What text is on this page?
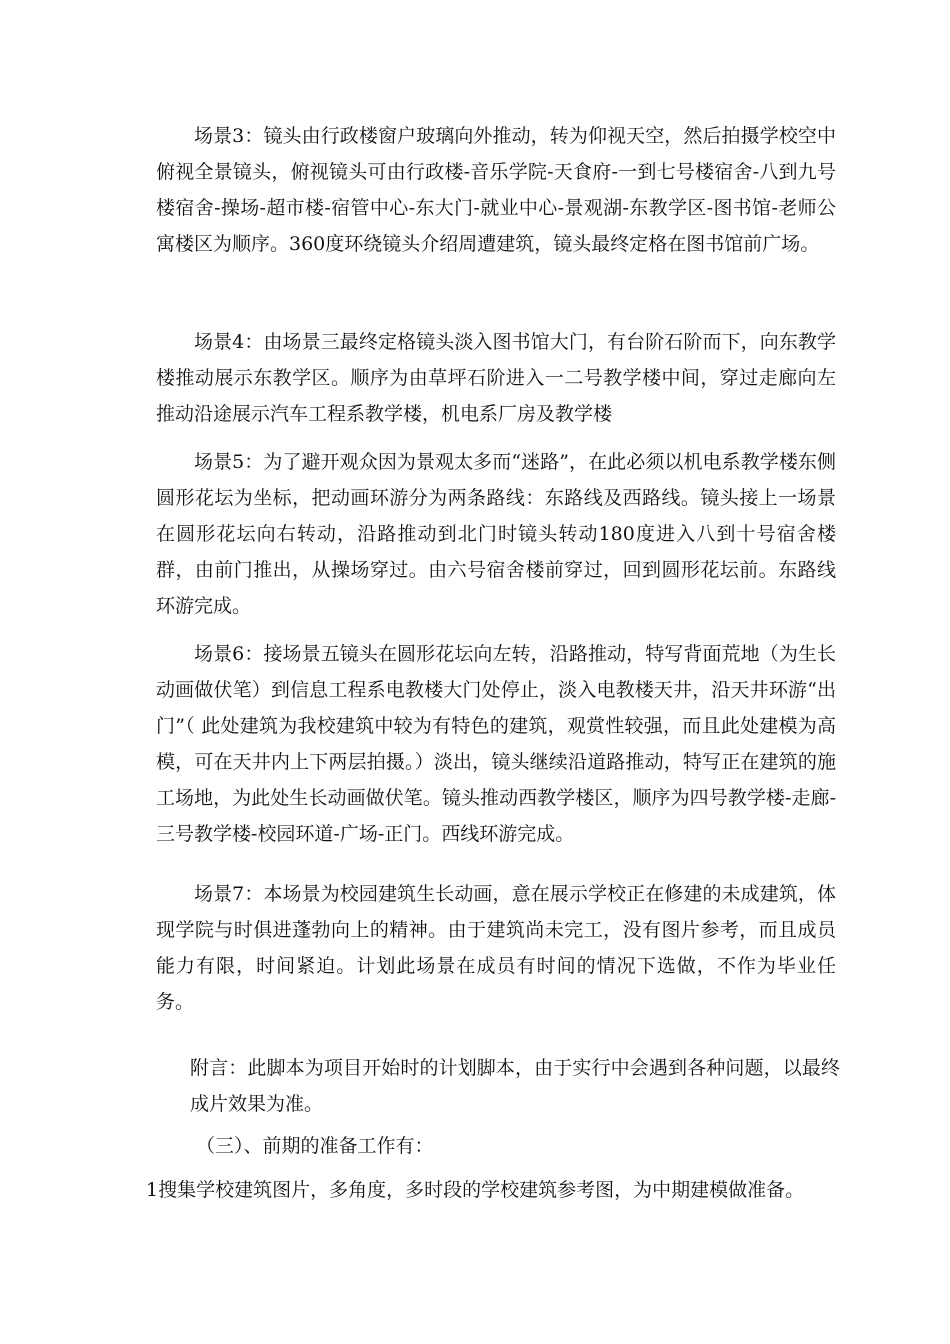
场景3：镜头由行政楼窗户玻璃向外推动，转为仰视天空，然后拍摄学校空中俯视全景镜头，俯视镜头可由行政楼-音乐学院-天食府-一到七号楼宿舍-八到九号楼宿舍-操场-超市楼-宿管中心-东大门-就业中心-景观湖-东教学区-图书馆-老师公寓楼区为顺序。360度环绕镜头介绍周遭建筑，镜头最终定格在图书馆前广场。

场景4：由场景三最终定格镜头淡入图书馆大门，有台阶石阶而下，向东教学楼推动展示东教学区。顺序为由草坪石阶进入一二号教学楼中间，穿过走廊向左推动沿途展示汽车工程系教学楼，机电系厂房及教学楼

场景5：为了避开观众因为景观太多而“迷路”，在此必须以机电系教学楼东侧圆形花坛为坐标，把动画环游分为两条路线：东路线及西路线。镜头接上一场景在圆形花坛向右转动，沿路推动到北门时镜头转动180度进入八到十号宿舍楼群，由前门推出，从操场穿过。由六号宿舍楼前穿过，回到圆形花坛前。东路线环游完成。

场景6：接场景五镜头在圆形花坛向左转，沿路推动，特写背面荒地（为生长动画做伏笔）到信息工程系电教楼大门处停止，淡入电教楼天井，沿天井环游“出门”（ 此处建筑为我校建筑中较为有特色的建筑，观赏性较强，而且此处建模为高模，可在天井内上下两层拍摄。）淡出，镜头继续沿道路推动，特写正在建筑的施工场地，为此处生长动画做伏笔。镜头推动西教学楼区，顺序为四号教学楼-走廊-三号教学楼-校园环道-广场-正门。西线环游完成。

场景7：本场景为校园建筑生长动画，意在展示学校正在修建的未成建筑，体现学院与时俱进蓬勃向上的精神。由于建筑尚未完工，没有图片参考，而且成员能力有限，时间紧迫。计划此场景在成员有时间的情况下选做，不作为毕业任务。

附言：此脚本为项目开始时的计划脚本，由于实行中会遇到各种问题，以最终成片效果为准。

（三）、前期的准备工作有：

1搜集学校建筑图片，多角度，多时段的学校建筑参考图，为中期建模做准备。
